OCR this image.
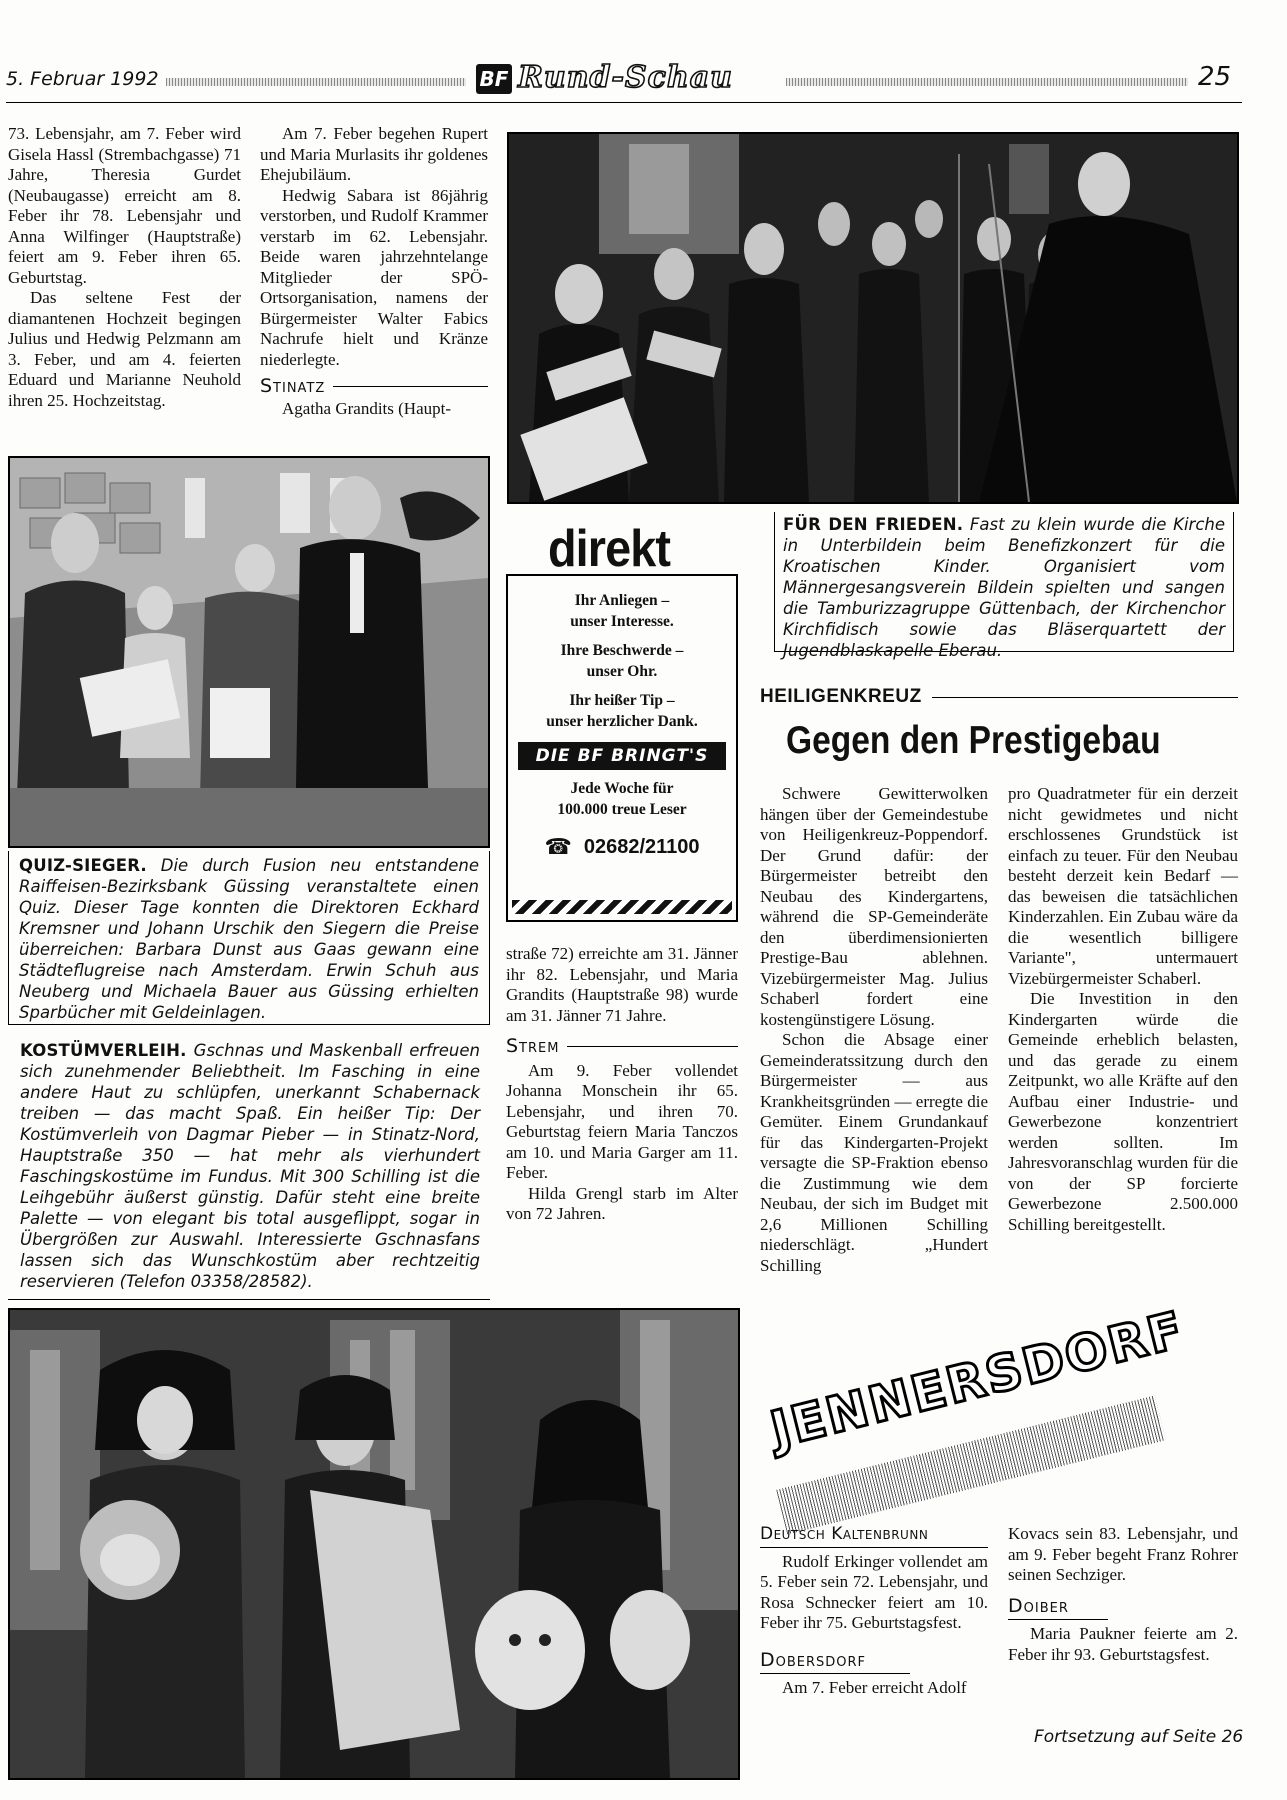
5. Februar 1992	BF Rund-Schau	25

73. Lebensjahr, am 7. Feber wird Gisela Hassl (Strembachgasse) 71 Jahre, Theresia Gurdet (Neubaugasse) erreicht am 8. Feber ihr 78. Lebensjahr und Anna Wilfinger (Hauptstraße) feiert am 9. Feber ihren 65. Geburtstag.

Das seltene Fest der diamantenen Hochzeit begingen Julius und Hedwig Pelzmann am 3. Feber, und am 4. feierten Eduard und Marianne Neuhold ihren 25. Hochzeitstag.

Am 7. Feber begehen Rupert und Maria Murlasits ihr goldenes Ehejubiläum.

Hedwig Sabara ist 86jährig verstorben, und Rudolf Krammer verstarb im 62. Lebensjahr. Beide waren jahrzehntelange Mitglieder der SPÖ-Ortsorganisation, namens der Bürgermeister Walter Fabics Nachrufe hielt und Kränze niederlegte.

Stinatz

Agatha Grandits (Haupt-

FÜR DEN FRIEDEN. Fast zu klein wurde die Kirche in Unterbildein beim Benefizkonzert für die Kroatischen Kinder. Organisiert vom Männergesangsverein Bildein spielten und sangen die Tamburizzagruppe Güttenbach, der Kirchenchor Kirchfidisch sowie das Bläserquartett der Jugendblaskapelle Eberau.
QUIZ-SIEGER. Die durch Fusion neu entstandene Raiffeisen-Bezirksbank Güssing veranstaltete einen Quiz. Dieser Tage konnten die Direktoren Eckhard Kremsner und Johann Urschik den Siegern die Preise überreichen: Barbara Dunst aus Gaas gewann eine Städteflugreise nach Amsterdam. Erwin Schuh aus Neuberg und Michaela Bauer aus Güssing erhielten Sparbücher mit Geldeinlagen.
KOSTÜMVERLEIH. Gschnas und Maskenball erfreuen sich zunehmender Beliebtheit. Im Fasching in eine andere Haut zu schlüpfen, unerkannt Schabernack treiben — das macht Spaß. Ein heißer Tip: Der Kostümverleih von Dagmar Pieber — in Stinatz-Nord, Hauptstraße 350 — hat mehr als vierhundert Faschingskostüme im Fundus. Mit 300 Schilling ist die Leihgebühr äußerst günstig. Dafür steht eine breite Palette — von elegant bis total ausgeflippt, sogar in Übergrößen zur Auswahl. Interessierte Gschnasfans lassen sich das Wunschkostüm aber rechtzeitig reservieren (Telefon 03358/28582).
direkt
Ihr Anliegen –
unser Interesse.
Ihre Beschwerde –
unser Ohr.
Ihr heißer Tip –
unser herzlicher Dank.
DIE BF BRINGT'S
Jede Woche für
100.000 treue Leser
☎ 02682/21100

straße 72) erreichte am 31. Jänner ihr 82. Lebensjahr, und Maria Grandits (Hauptstraße 98) wurde am 31. Jänner 71 Jahre.

Strem

Am 9. Feber vollendet Johanna Monschein ihr 65. Lebensjahr, und ihren 70. Geburtstag feiern Maria Tanczos am 10. und Maria Garger am 11. Feber.

Hilda Grengl starb im Alter von 72 Jahren.

HEILIGENKREUZ
Gegen den Prestigebau

Schwere Gewitterwolken hängen über der Gemeindestube von Heiligenkreuz-Poppendorf. Der Grund dafür: der Bürgermeister betreibt den Neubau des Kindergartens, während die SP-Gemeinderäte den überdimensionierten Prestige-Bau ablehnen. Vizebürgermeister Mag. Julius Schaberl fordert eine kostengünstigere Lösung.

Schon die Absage einer Gemeinderatssitzung durch den Bürgermeister — aus Krankheitsgründen — erregte die Gemüter. Einem Grundankauf für das Kindergarten-Projekt versagte die SP-Fraktion ebenso die Zustimmung wie dem Neubau, der sich im Budget mit 2,6 Millionen Schilling niederschlägt. „Hundert Schilling

pro Quadratmeter für ein derzeit nicht gewidmetes und nicht erschlossenes Grundstück ist einfach zu teuer. Für den Neubau besteht derzeit kein Bedarf — das beweisen die tatsächlichen Kinderzahlen. Ein Zubau wäre da die wesentlich billigere Variante", untermauert Vizebürgermeister Schaberl.

Die Investition in den Kindergarten würde die Gemeinde erheblich belasten, und das gerade zu einem Zeitpunkt, wo alle Kräfte auf den Aufbau einer Industrie- und Gewerbezone konzentriert werden sollten. Im Jahresvoranschlag wurden für die von der SP forcierte Gewerbezone 2.500.000 Schilling bereitgestellt.

JENNERSDORF
Deutsch Kaltenbrunn

Rudolf Erkinger vollendet am 5. Feber sein 72. Lebensjahr, und Rosa Schnecker feiert am 10. Feber ihr 75. Geburtstagsfest.

Dobersdorf

Am 7. Feber erreicht Adolf

Kovacs sein 83. Lebensjahr, und am 9. Feber begeht Franz Rohrer seinen Sechziger.

Doiber

Maria Paukner feierte am 2. Feber ihr 93. Geburtstagsfest.

Fortsetzung auf Seite 26
